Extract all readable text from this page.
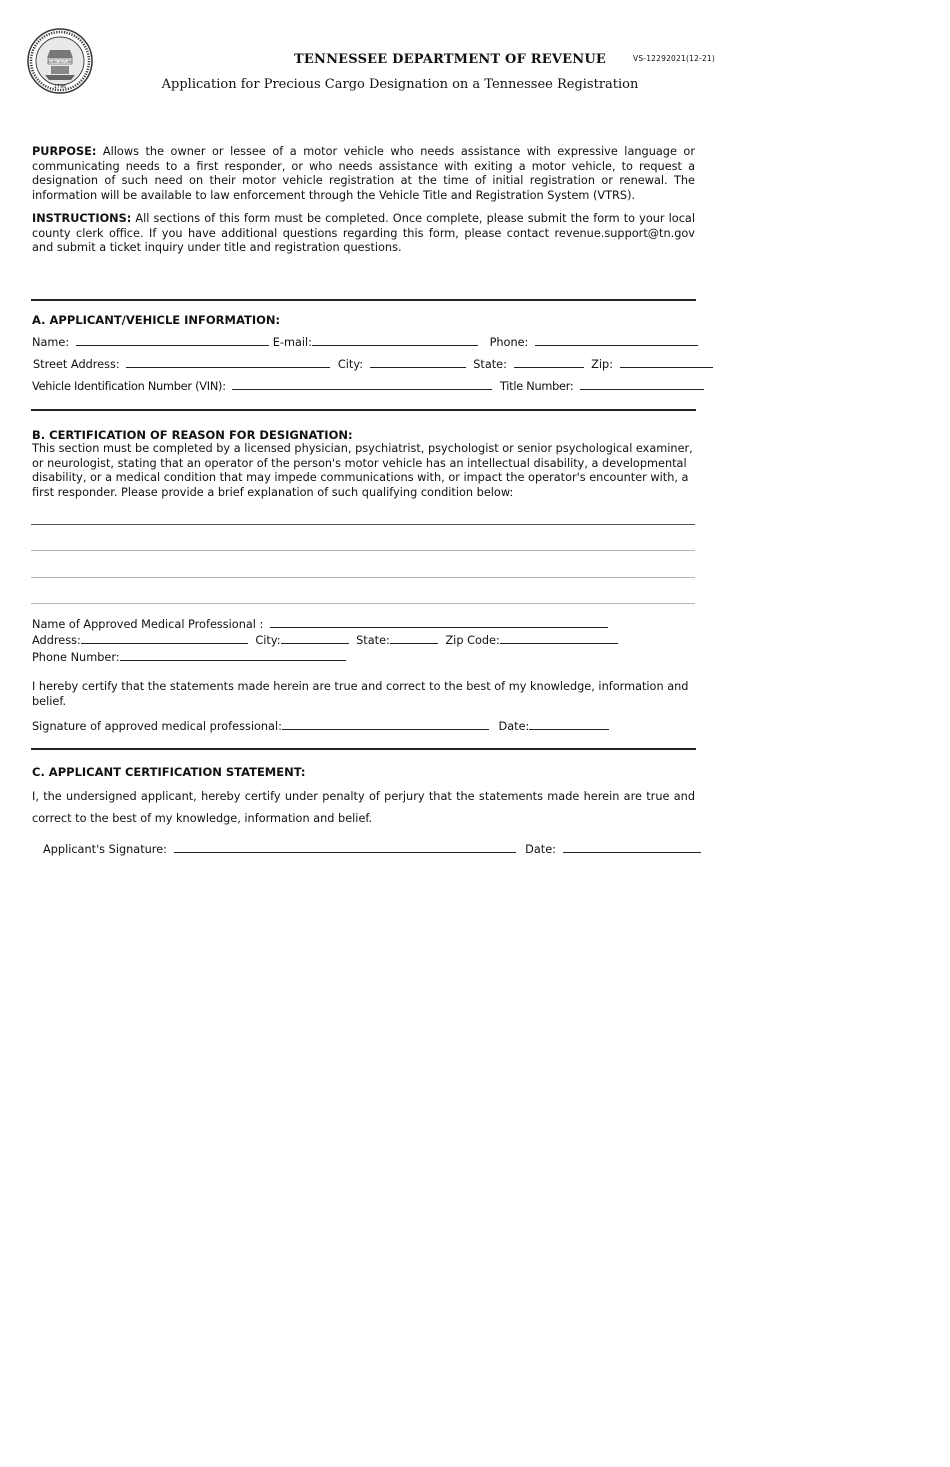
AGRICULTURE
1796
TENNESSEE DEPARTMENT OF REVENUE	VS-12292021(12-21)
Application for Precious Cargo Designation on a Tennessee Registration
PURPOSE: Allows the owner or lessee of a motor vehicle who needs assistance with expressive language or communicating needs to a first responder, or who needs assistance with exiting a motor vehicle, to request a designation of such need on their motor vehicle registration at the time of initial registration or renewal. The information will be available to law enforcement through the Vehicle Title and Registration System (VTRS).
INSTRUCTIONS: All sections of this form must be completed. Once complete, please submit the form to your local county clerk office. If you have additional questions regarding this form, please contact revenue.support@tn.gov and submit a ticket inquiry under title and registration questions.
A. APPLICANT/VEHICLE INFORMATION:
Name:	E-mail:	Phone:
Street Address:	City:	State:	Zip:
Vehicle Identification Number (VIN):	Title Number:
B. CERTIFICATION OF REASON FOR DESIGNATION:
This section must be completed by a licensed physician, psychiatrist, psychologist or senior psychological examiner, or neurologist, stating that an operator of the person's motor vehicle has an intellectual disability, a developmental disability, or a medical condition that may impede communications with, or impact the operator's encounter with, a first responder. Please provide a brief explanation of such qualifying condition below:
Name of Approved Medical Professional :
Address:	City:	State:	Zip Code:
Phone Number:
I hereby certify that the statements made herein are true and correct to the best of my knowledge, information and belief.
Signature of approved medical professional:	Date:
C. APPLICANT CERTIFICATION STATEMENT:
I, the undersigned applicant, hereby certify under penalty of perjury that the statements made herein are true and correct to the best of my knowledge, information and belief.
Applicant's Signature:	Date:
